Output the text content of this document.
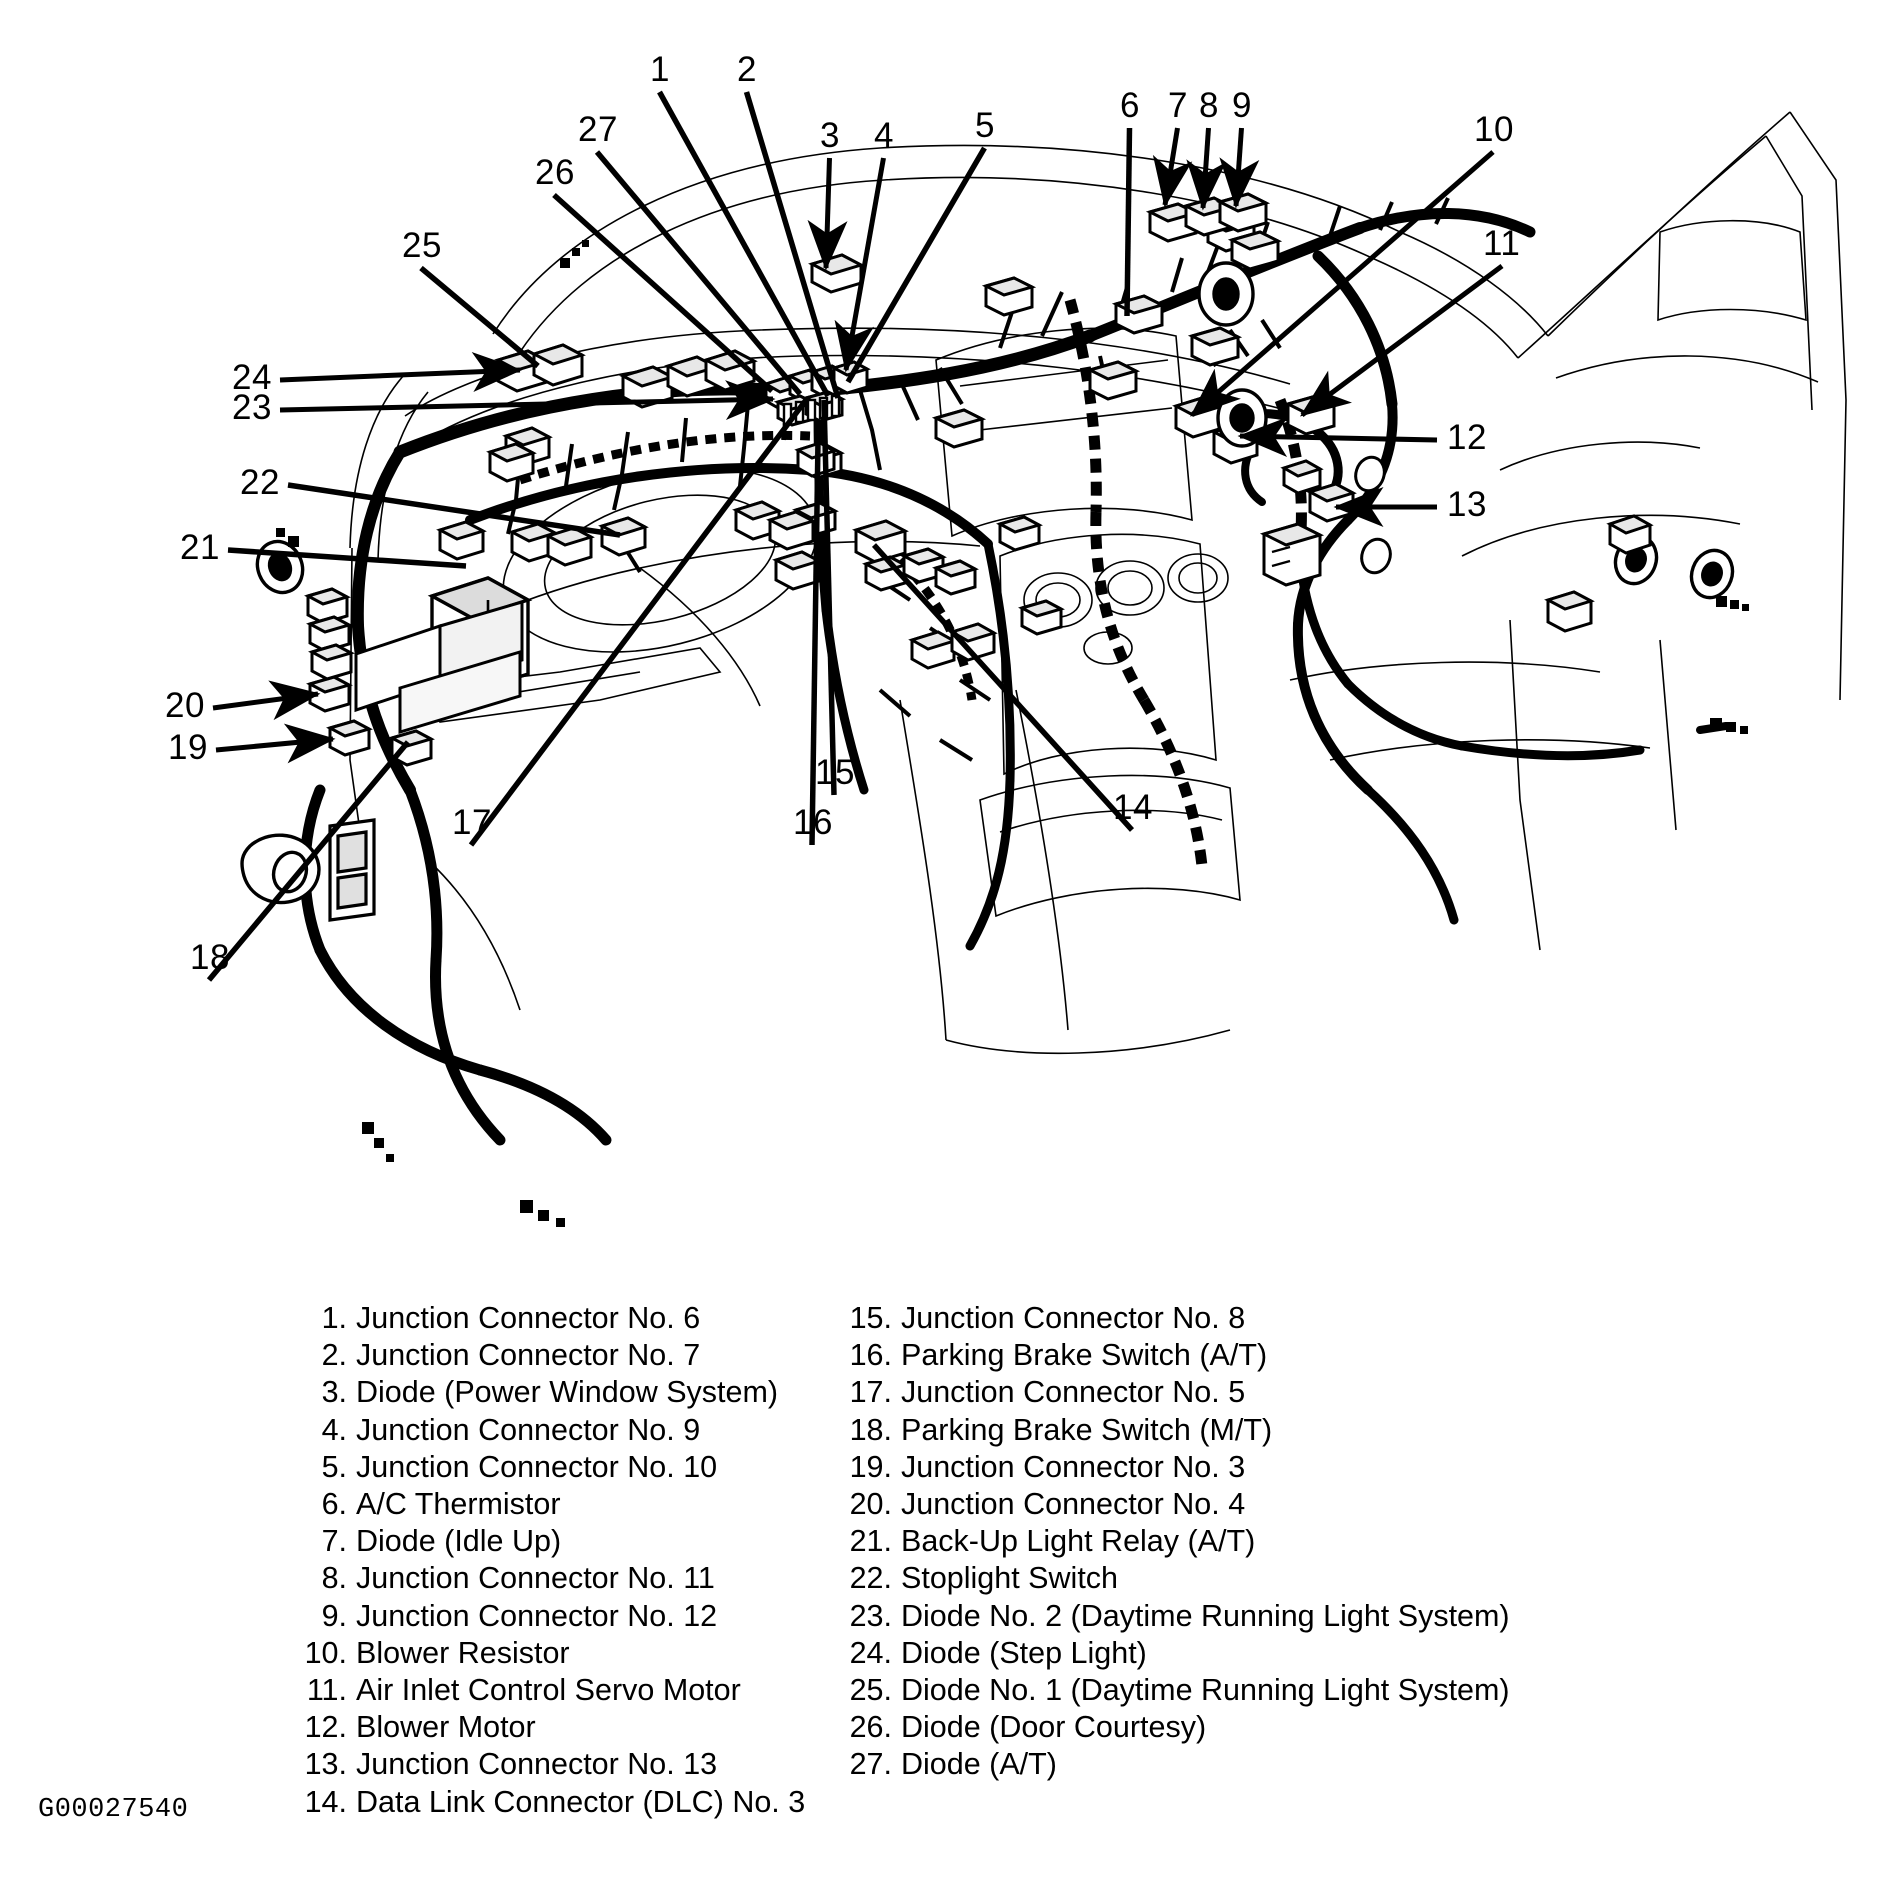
1 2
3 4 5
6 7 8 9
10
11
12
13
14
15
16
17
18
19
20
21
22
23
24
25
26
27
1. Junction Connector No. 6
2. Junction Connector No. 7
3. Diode (Power Window System)
4. Junction Connector No. 9
5. Junction Connector No. 10
6. A/C Thermistor
7. Diode (Idle Up)
8. Junction Connector No. 11
9. Junction Connector No. 12
10. Blower Resistor
11. Air Inlet Control Servo Motor
12. Blower Motor
13. Junction Connector No. 13
14. Data Link Connector (DLC) No. 3
15. Junction Connector No. 8
16. Parking Brake Switch (A/T)
17. Junction Connector No. 5
18. Parking Brake Switch (M/T)
19. Junction Connector No. 3
20. Junction Connector No. 4
21. Back-Up Light Relay (A/T)
22. Stoplight Switch
23. Diode No. 2 (Daytime Running Light System)
24. Diode (Step Light)
25. Diode No. 1 (Daytime Running Light System)
26. Diode (Door Courtesy)
27. Diode (A/T)
G00027540
